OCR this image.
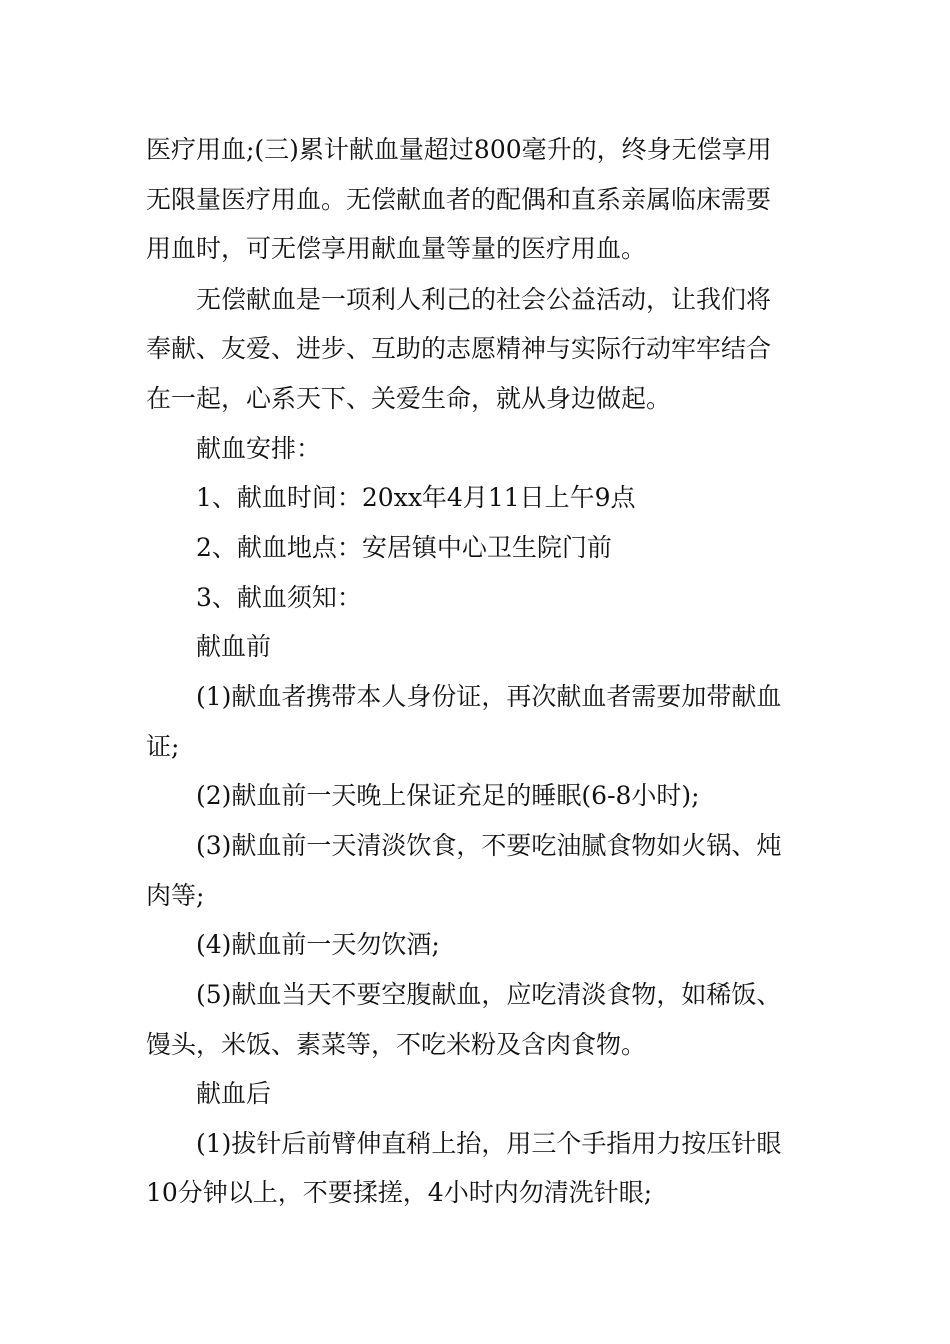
医疗用血;(三)累计献血量超过800毫升的，终身无偿享用
无限量医疗用血。无偿献血者的配偶和直系亲属临床需要
用血时，可无偿享用献血量等量的医疗用血。
无偿献血是一项利人利己的社会公益活动，让我们将
奉献、友爱、进步、互助的志愿精神与实际行动牢牢结合
在一起，心系天下、关爱生命，就从身边做起。
献血安排：
1、献血时间：20xx年4月11日上午9点
2、献血地点：安居镇中心卫生院门前
3、献血须知：
献血前
(1)献血者携带本人身份证，再次献血者需要加带献血
证;
(2)献血前一天晚上保证充足的睡眠(6-8小时);
(3)献血前一天清淡饮食，不要吃油腻食物如火锅、炖
肉等;
(4)献血前一天勿饮酒;
(5)献血当天不要空腹献血，应吃清淡食物，如稀饭、
馒头，米饭、素菜等，不吃米粉及含肉食物。
献血后
(1)拔针后前臂伸直稍上抬，用三个手指用力按压针眼
10分钟以上，不要揉搓，4小时内勿清洗针眼;
